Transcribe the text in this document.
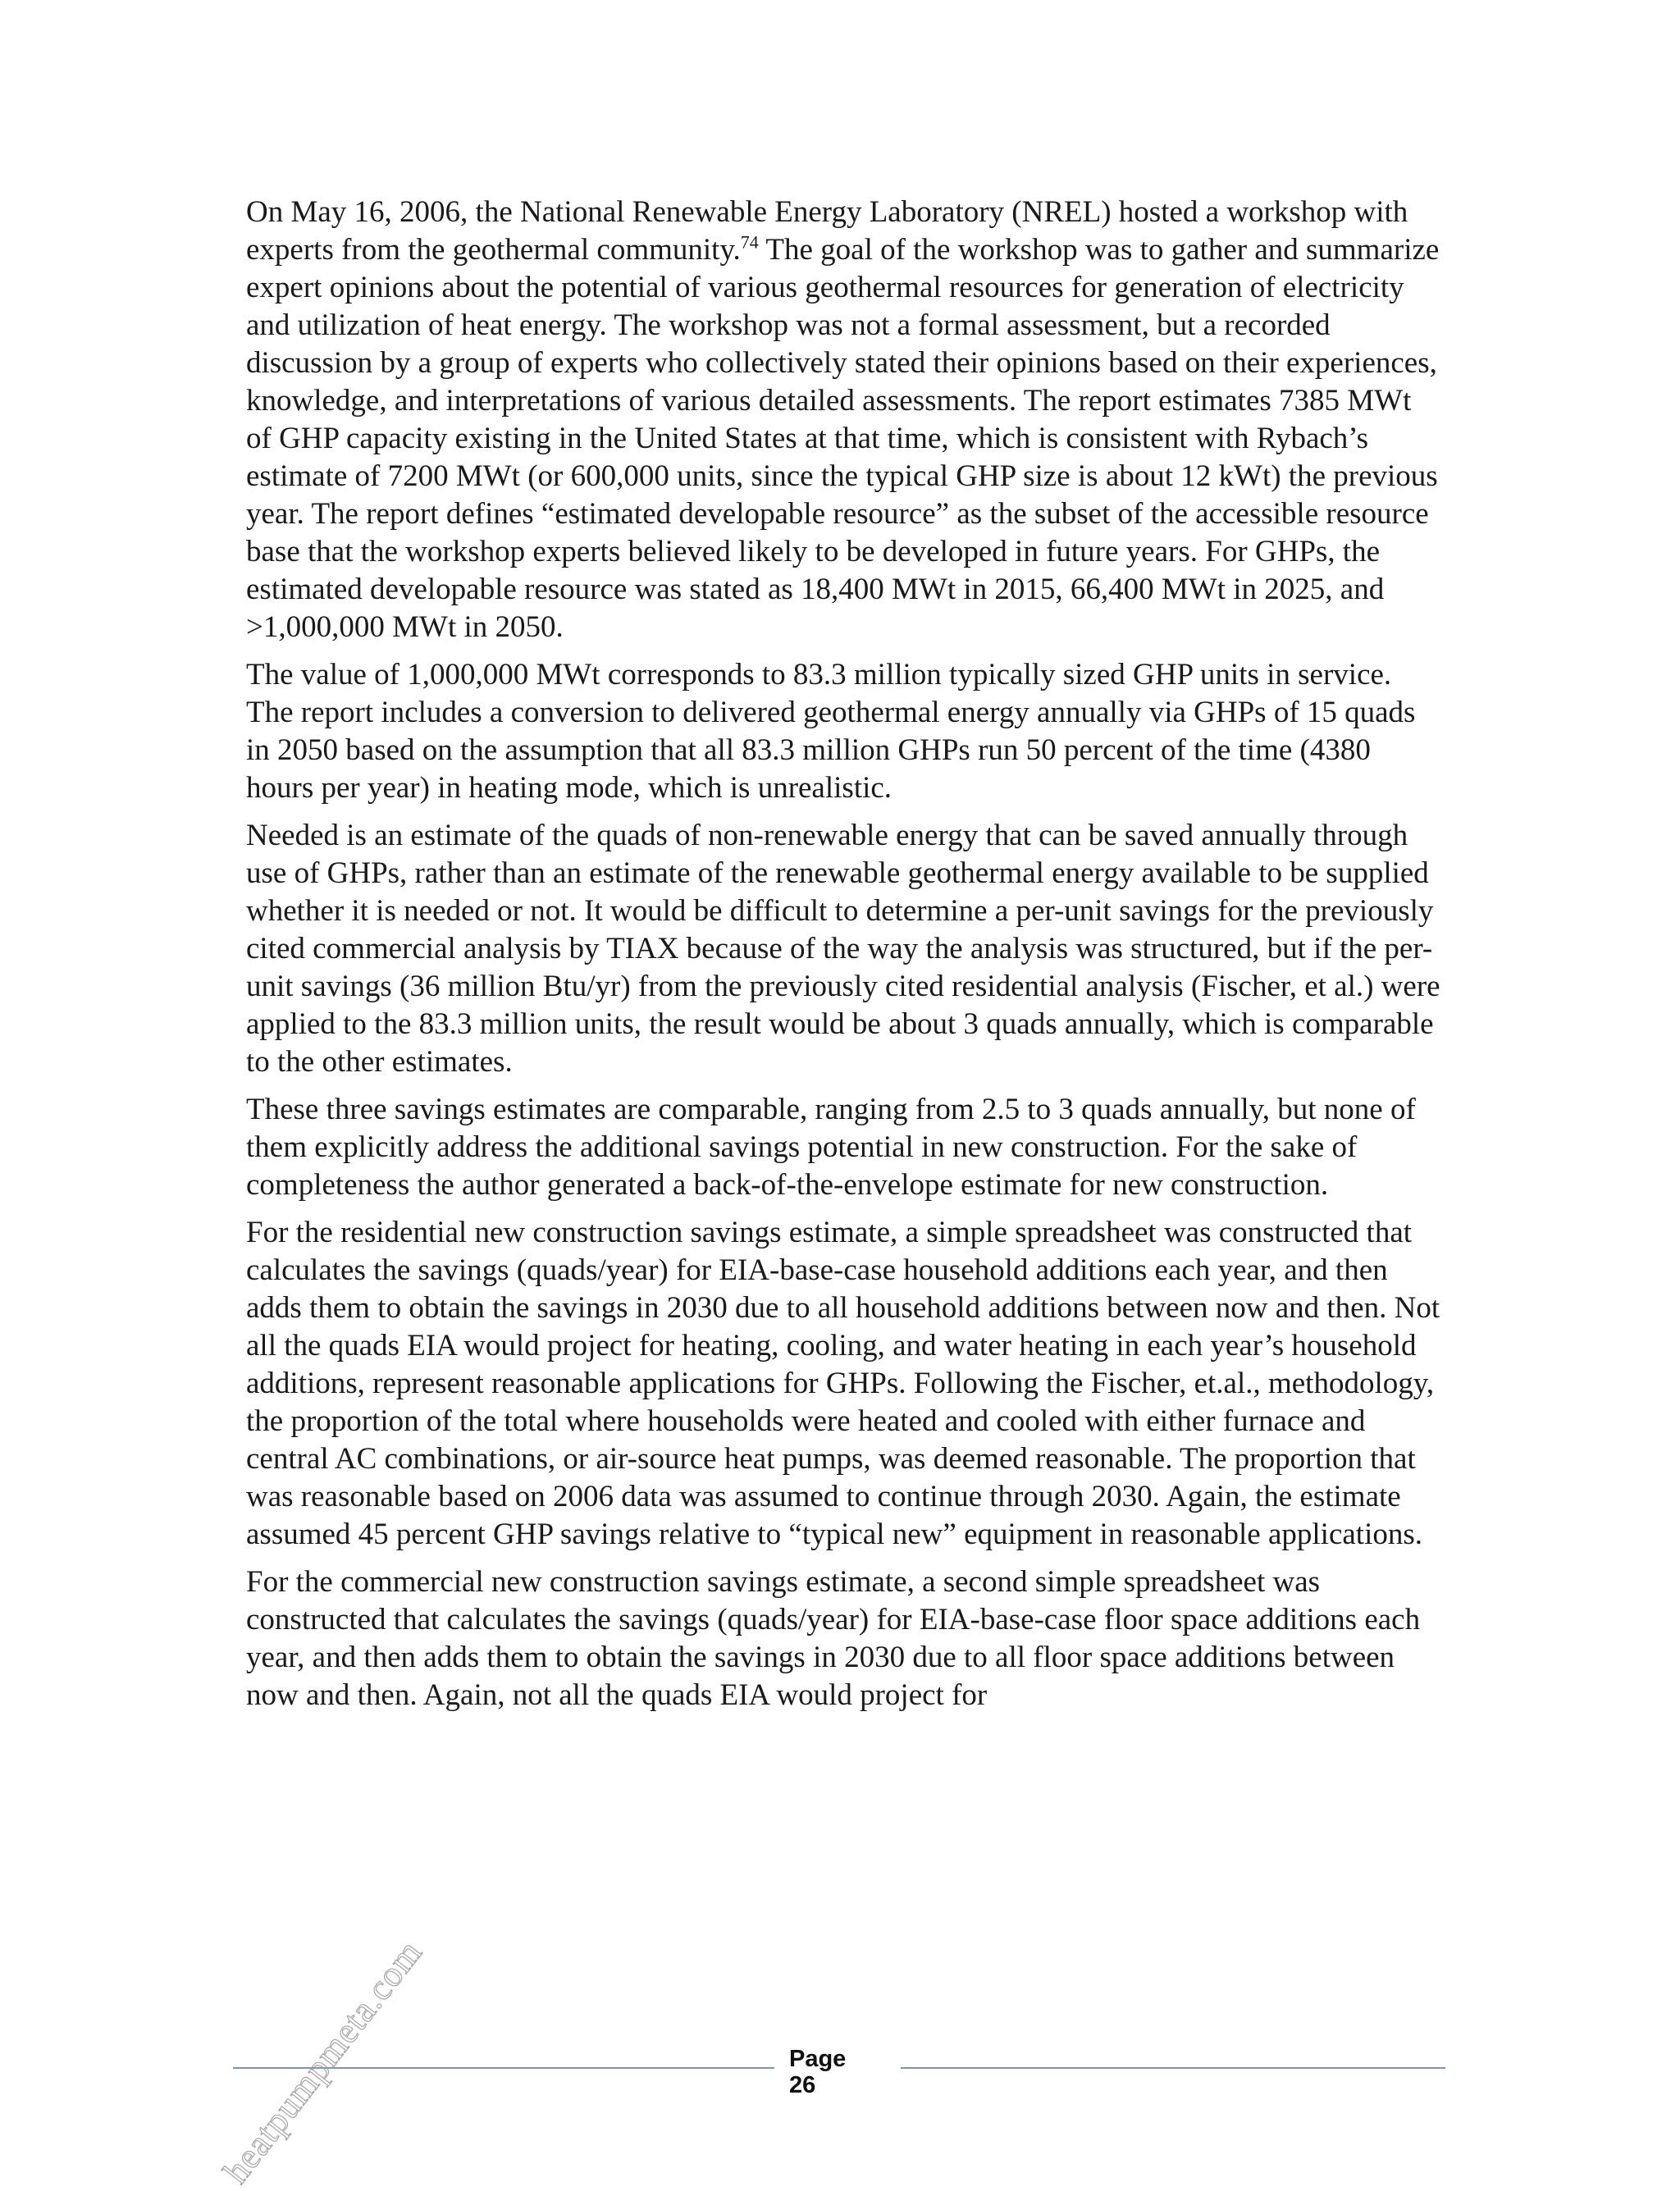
On May 16, 2006, the National Renewable Energy Laboratory (NREL) hosted a workshop with experts from the geothermal community.$^{74}$ The goal of the workshop was to gather and summarize expert opinions about the potential of various geothermal resources for generation of electricity and utilization of heat energy. The workshop was not a formal assessment, but a recorded discussion by a group of experts who collectively stated their opinions based on their experiences, knowledge, and interpretations of various detailed assessments. The report estimates 7385 MWt of GHP capacity existing in the United States at that time, which is consistent with Rybach’s estimate of 7200 MWt (or 600,000 units, since the typical GHP size is about 12 kWt) the previous year. The report defines “estimated developable resource” as the subset of the accessible resource base that the workshop experts believed likely to be developed in future years. For GHPs, the estimated developable resource was stated as 18,400 MWt in 2015, 66,400 MWt in 2025, and >1,000,000 MWt in 2050.

The value of 1,000,000 MWt corresponds to 83.3 million typically sized GHP units in service. The report includes a conversion to delivered geothermal energy annually via GHPs of 15 quads in 2050 based on the assumption that all 83.3 million GHPs run 50 percent of the time (4380 hours per year) in heating mode, which is unrealistic.

Needed is an estimate of the quads of non-renewable energy that can be saved annually through use of GHPs, rather than an estimate of the renewable geothermal energy available to be supplied whether it is needed or not. It would be difficult to determine a per-unit savings for the previously cited commercial analysis by TIAX because of the way the analysis was structured, but if the per-unit savings (36 million Btu/yr) from the previously cited residential analysis (Fischer, et al.) were applied to the 83.3 million units, the result would be about 3 quads annually, which is comparable to the other estimates.

These three savings estimates are comparable, ranging from 2.5 to 3 quads annually, but none of them explicitly address the additional savings potential in new construction. For the sake of completeness the author generated a back-of-the-envelope estimate for new construction.

For the residential new construction savings estimate, a simple spreadsheet was constructed that calculates the savings (quads/year) for EIA-base-case household additions each year, and then adds them to obtain the savings in 2030 due to all household additions between now and then. Not all the quads EIA would project for heating, cooling, and water heating in each year’s household additions, represent reasonable applications for GHPs. Following the Fischer, et.al., methodology, the proportion of the total where households were heated and cooled with either furnace and central AC combinations, or air-source heat pumps, was deemed reasonable. The proportion that was reasonable based on 2006 data was assumed to continue through 2030. Again, the estimate assumed 45 percent GHP savings relative to “typical new” equipment in reasonable applications.

For the commercial new construction savings estimate, a second simple spreadsheet was constructed that calculates the savings (quads/year) for EIA-base-case floor space additions each year, and then adds them to obtain the savings in 2030 due to all floor space additions between now and then. Again, not all the quads EIA would project for

heatpumpmeta.com	Page
26
